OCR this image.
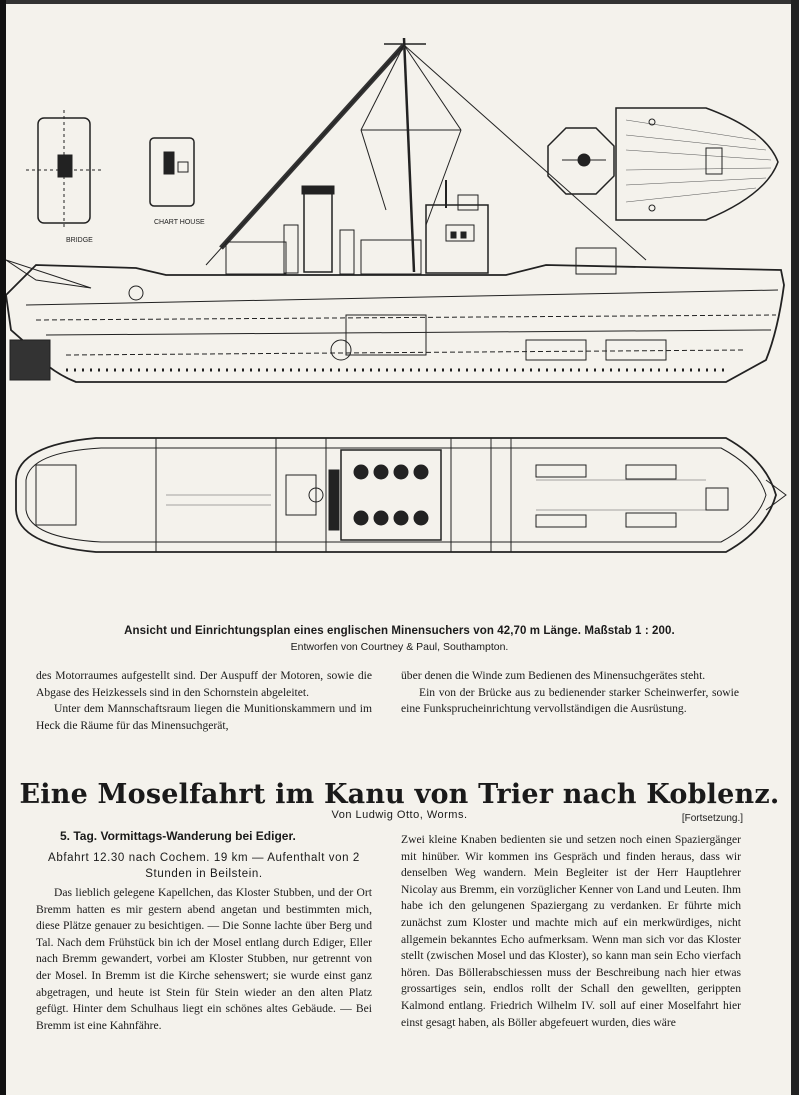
BRIDGE
CHART HOUSE
Ansicht und Einrichtungsplan eines englischen Minensuchers von 42,70 m Länge. Maßstab 1 : 200.
Entworfen von Courtney & Paul, Southampton.

des Motorraumes aufgestellt sind. Der Auspuff der Motoren, sowie die Abgase des Heizkessels sind in den Schornstein abgeleitet.

Unter dem Mannschaftsraum liegen die Munitionskammern und im Heck die Räume für das Minensuchgerät,

über denen die Winde zum Bedienen des Minensuchgerätes steht.

Ein von der Brücke aus zu bedienender starker Scheinwerfer, sowie eine Funksprucheinrichtung vervollständigen die Ausrüstung.

Eine Moselfahrt im Kanu von Trier nach Koblenz.
Von Ludwig Otto, Worms.	[Fortsetzung.]
5. Tag. Vormittags-Wanderung bei Ediger.
Abfahrt 12.30 nach Cochem. 19 km — Aufenthalt von 2 Stunden in Beilstein.

Das lieblich gelegene Kapellchen, das Kloster Stubben, und der Ort Bremm hatten es mir gestern abend angetan und bestimmten mich, diese Plätze genauer zu besichtigen. — Die Sonne lachte über Berg und Tal. Nach dem Frühstück bin ich der Mosel entlang durch Ediger, Eller nach Bremm gewandert, vorbei am Kloster Stubben, nur getrennt von der Mosel. In Bremm ist die Kirche sehenswert; sie wurde einst ganz abgetragen, und heute ist Stein für Stein wieder an den alten Platz gefügt. Hinter dem Schulhaus liegt ein schönes altes Gebäude. — Bei Bremm ist eine Kahnfähre.

Zwei kleine Knaben bedienten sie und setzen noch einen Spaziergänger mit hinüber. Wir kommen ins Gespräch und finden heraus, dass wir denselben Weg wandern. Mein Begleiter ist der Herr Hauptlehrer Nicolay aus Bremm, ein vorzüglicher Kenner von Land und Leuten. Ihm habe ich den gelungenen Spaziergang zu verdanken. Er führte mich zunächst zum Kloster und machte mich auf ein merkwürdiges, nicht allgemein bekanntes Echo aufmerksam. Wenn man sich vor das Kloster stellt (zwischen Mosel und das Kloster), so kann man sein Echo vierfach hören. Das Böllerabschiessen muss der Beschreibung nach hier etwas grossartiges sein, endlos rollt der Schall den gewellten, gerippten Kalmond entlang. Friedrich Wilhelm IV. soll auf einer Moselfahrt hier einst gesagt haben, als Böller abgefeuert wurden, dies wäre
